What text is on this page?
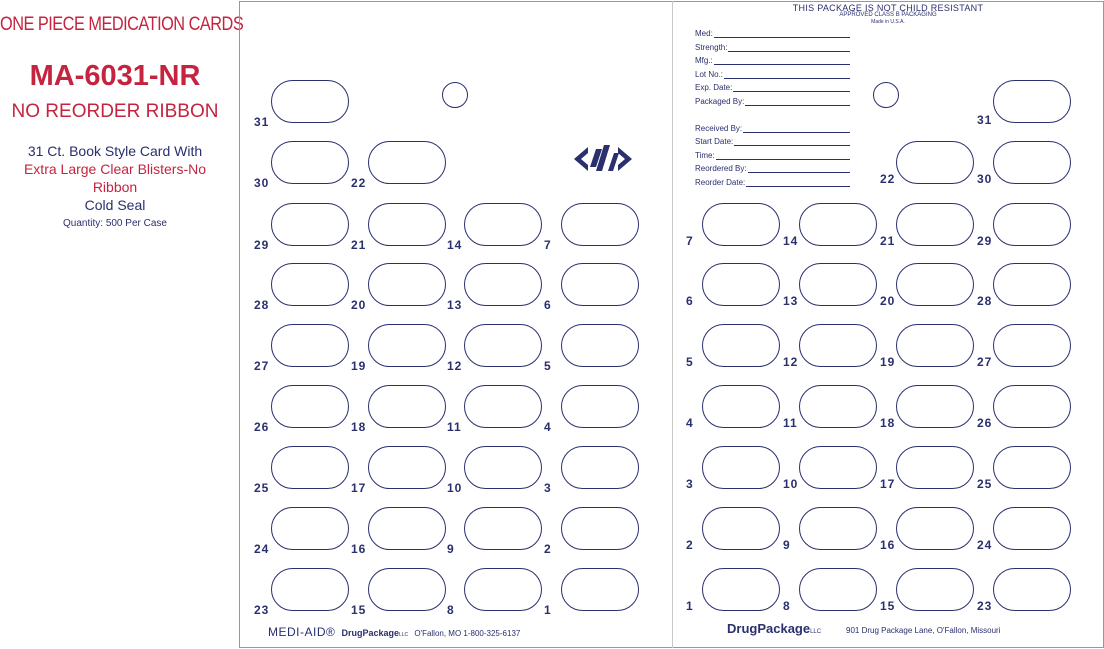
ONE PIECE MEDICATION CARDS
MA-6031-NR
NO REORDER RIBBON
31 Ct. Book Style Card With
Extra Large Clear Blisters-No Ribbon
Cold Seal
Quantity: 500 Per Case
31
30	22
29	21	14	7
28	20	13	6
27	19	12	5
26	18	11	4
25	17	10	3
24	16	9	2
23	15	8	1
31
22	30
7	14	21	29
6	13	20	28
5	12	19	27
4	11	18	26
3	10	17	25
2	9	16	24
1	8	15	23
THIS PACKAGE IS NOT CHILD RESISTANT
APPROVED CLASS B PACKAGING
Made in U.S.A.
Med:
Strength:
Mfg.:
Lot No.:
Exp. Date:
Packaged By:
Received By:
Start Date:
Time:
Reordered By:
Reorder Date:
MEDI-AID® DrugPackageLLC O'Fallon, MO 1-800-325-6137	DrugPackageLLC	901 Drug Package Lane, O'Fallon, Missouri
